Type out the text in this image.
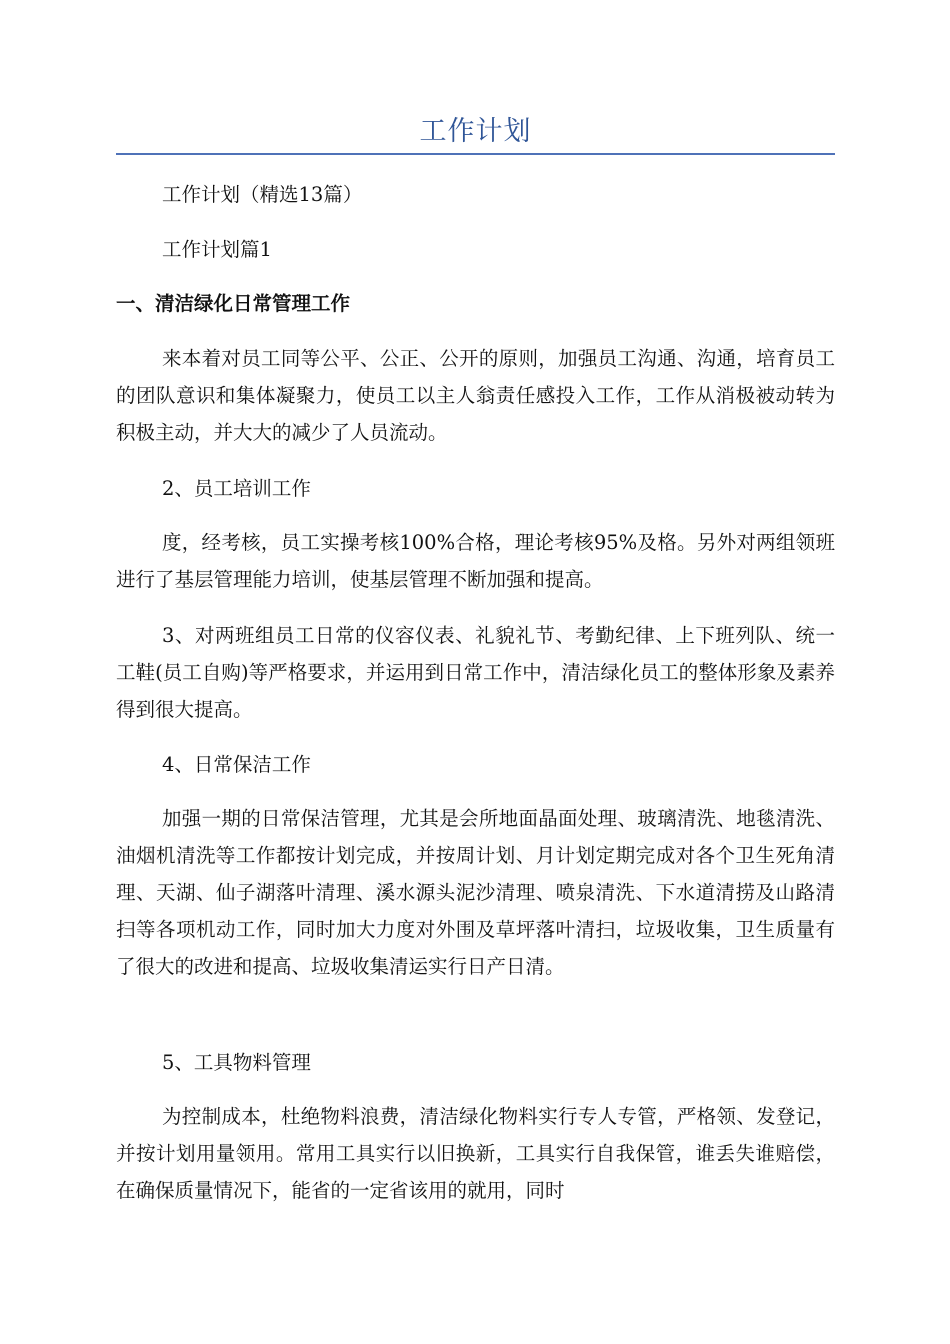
工作计划

工作计划（精选13篇）

工作计划篇1

一、清洁绿化日常管理工作

来本着对员工同等公平、公正、公开的原则，加强员工沟通、沟通，培育员工的团队意识和集体凝聚力，使员工以主人翁责任感投入工作，工作从消极被动转为积极主动，并大大的减少了人员流动。

2、员工培训工作

度，经考核，员工实操考核100%合格，理论考核95%及格。另外对两组领班进行了基层管理能力培训，使基层管理不断加强和提高。

3、对两班组员工日常的仪容仪表、礼貌礼节、考勤纪律、上下班列队、统一工鞋(员工自购)等严格要求，并运用到日常工作中，清洁绿化员工的整体形象及素养得到很大提高。

4、日常保洁工作

加强一期的日常保洁管理，尤其是会所地面晶面处理、玻璃清洗、地毯清洗、油烟机清洗等工作都按计划完成，并按周计划、月计划定期完成对各个卫生死角清理、天湖、仙子湖落叶清理、溪水源头泥沙清理、喷泉清洗、下水道清捞及山路清扫等各项机动工作，同时加大力度对外围及草坪落叶清扫，垃圾收集，卫生质量有了很大的改进和提高、垃圾收集清运实行日产日清。

5、工具物料管理

为控制成本，杜绝物料浪费，清洁绿化物料实行专人专管，严格领、发登记，并按计划用量领用。常用工具实行以旧换新，工具实行自我保管，谁丢失谁赔偿，在确保质量情况下，能省的一定省该用的就用，同时
